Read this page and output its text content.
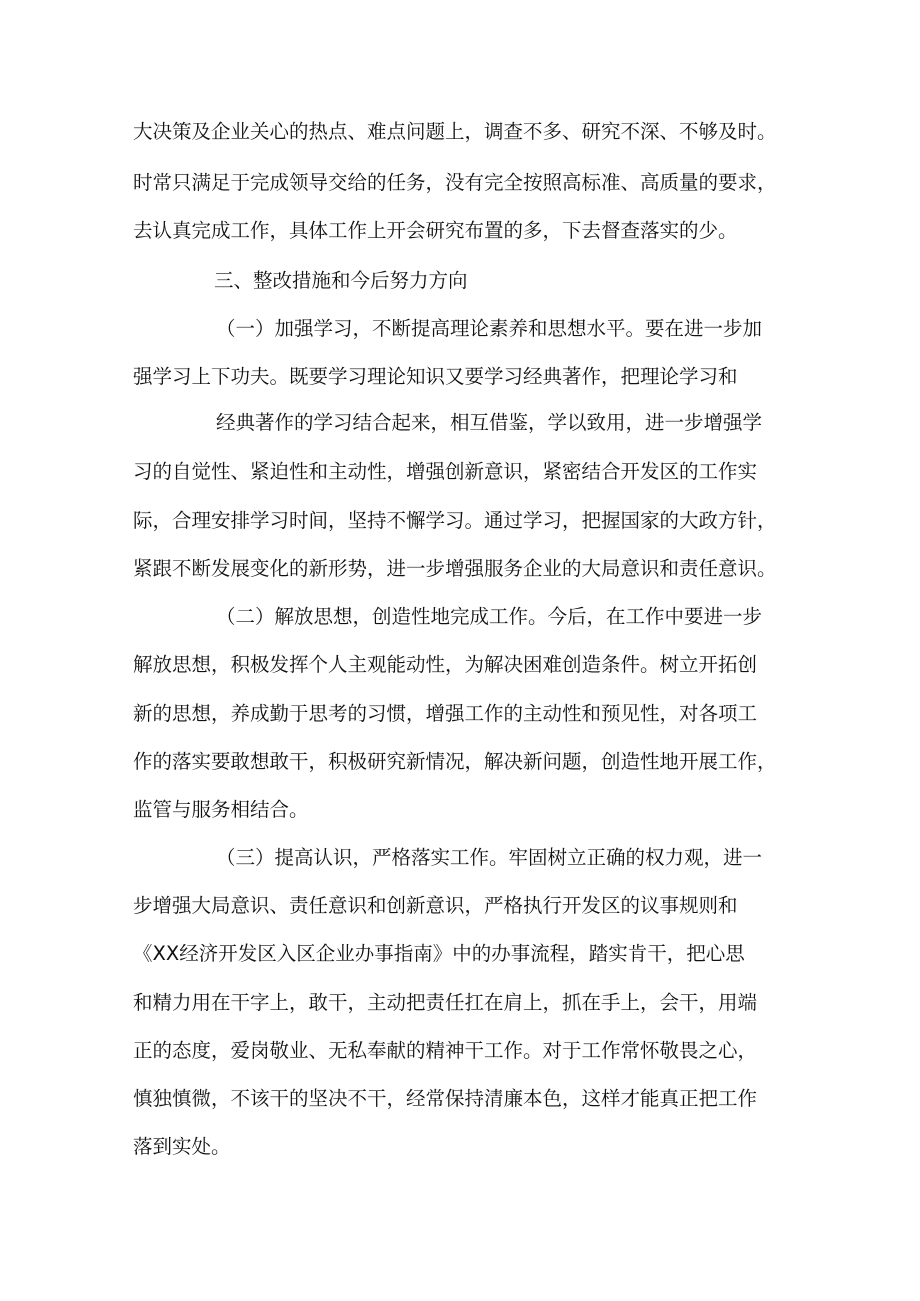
大决策及企业关心的热点、难点问题上，调查不多、研究不深、不够及时。

时常只满足于完成领导交给的任务，没有完全按照高标准、高质量的要求，

去认真完成工作，具体工作上开会研究布置的多，下去督查落实的少。

三、整改措施和今后努力方向

（一）加强学习，不断提高理论素养和思想水平。要在进一步加

强学习上下功夫。既要学习理论知识又要学习经典著作，把理论学习和

经典著作的学习结合起来，相互借鉴，学以致用，进一步增强学

习的自觉性、紧迫性和主动性，增强创新意识，紧密结合开发区的工作实

际，合理安排学习时间，坚持不懈学习。通过学习，把握国家的大政方针，

紧跟不断发展变化的新形势，进一步增强服务企业的大局意识和责任意识。

（二）解放思想，创造性地完成工作。今后，在工作中要进一步

解放思想，积极发挥个人主观能动性，为解决困难创造条件。树立开拓创

新的思想，养成勤于思考的习惯，增强工作的主动性和预见性，对各项工

作的落实要敢想敢干，积极研究新情况，解决新问题，创造性地开展工作，

监管与服务相结合。

（三）提高认识，严格落实工作。牢固树立正确的权力观，进一

步增强大局意识、责任意识和创新意识，严格执行开发区的议事规则和

《XX经济开发区入区企业办事指南》中的办事流程，踏实肯干，把心思

和精力用在干字上，敢干，主动把责任扛在肩上，抓在手上，会干，用端

正的态度，爱岗敬业、无私奉献的精神干工作。对于工作常怀敬畏之心，

慎独慎微，不该干的坚决不干，经常保持清廉本色，这样才能真正把工作

落到实处。
